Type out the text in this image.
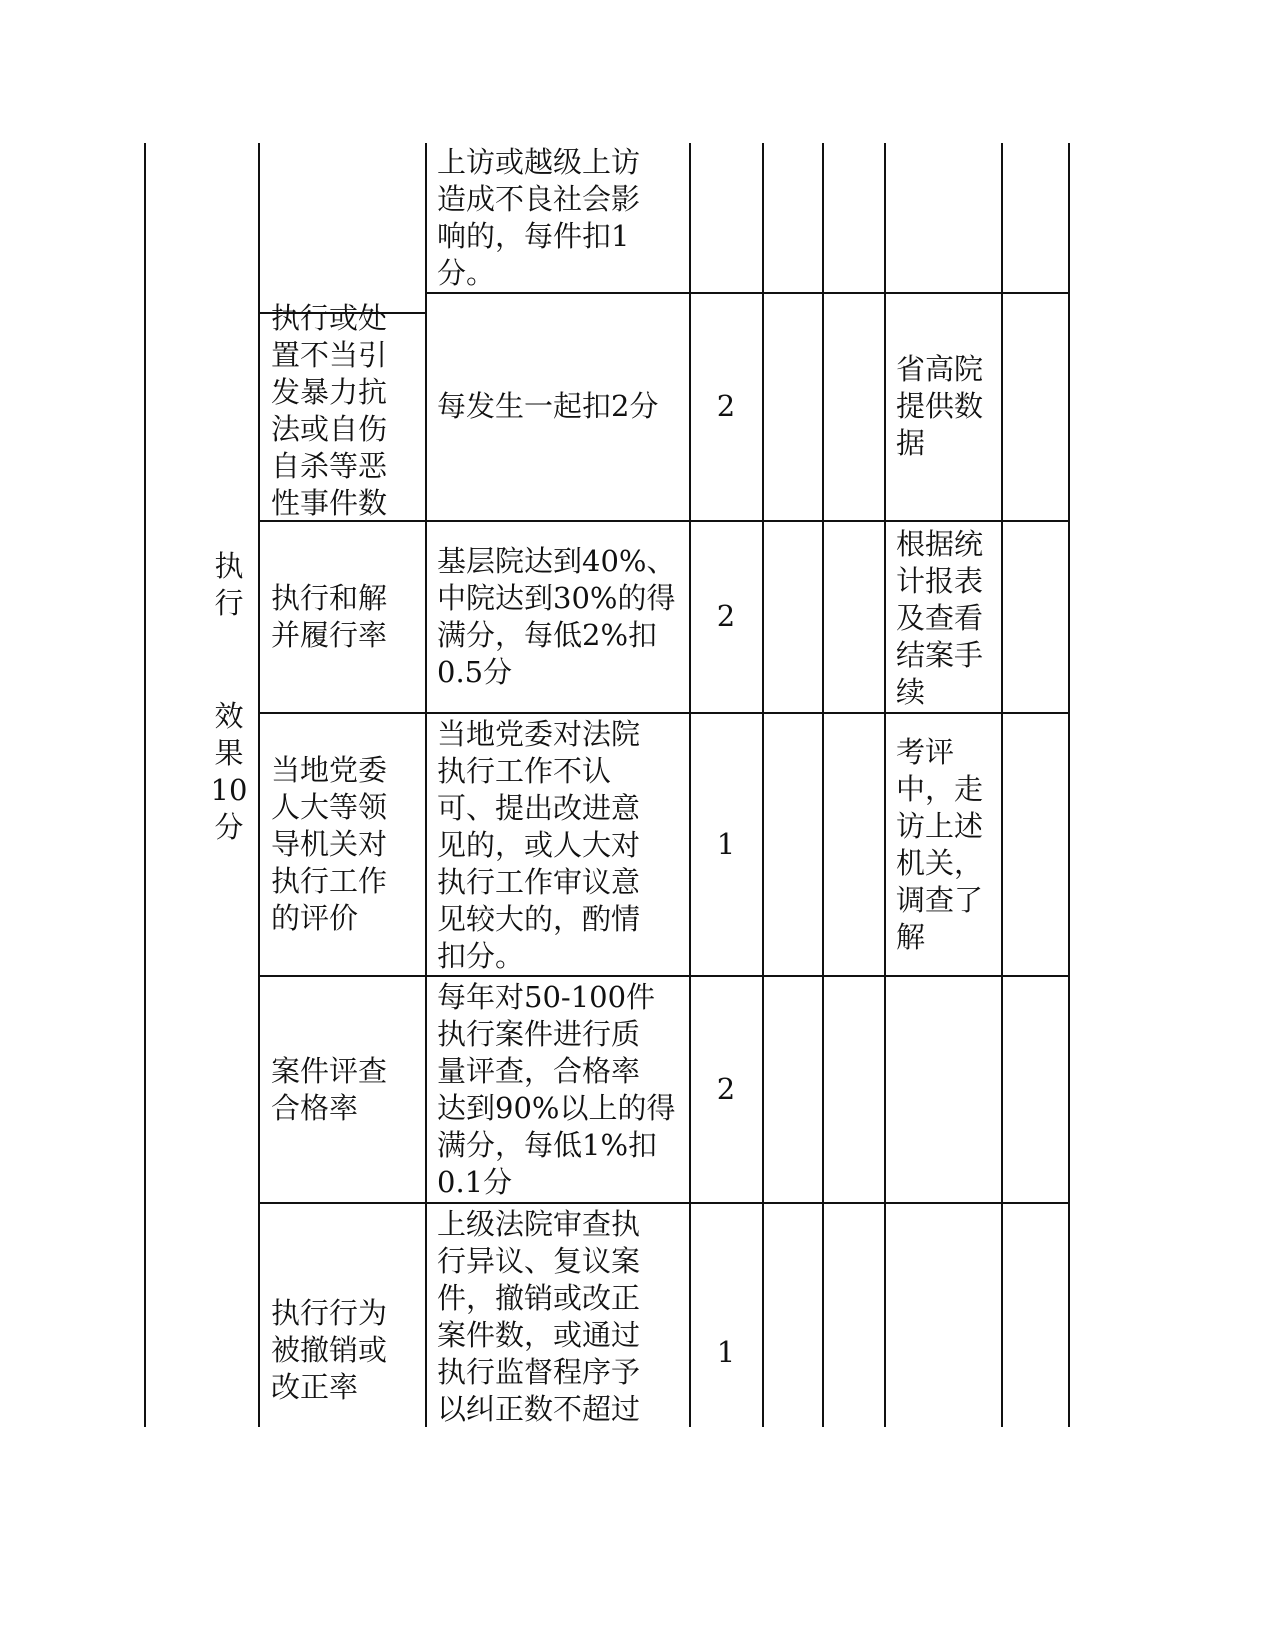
执
行
效
果
10
分
上访或越级上访
造成不良社会影
响的，每件扣1
分。
执行或处
置不当引
发暴力抗
法或自伤
自杀等恶
性事件数
每发生一起扣2分	2
省高院
提供数
据
执行和解
并履行率
基层院达到40%、
中院达到30%的得
满分，每低2%扣
0.5分
2
根据统
计报表
及查看
结案手
续
当地党委
人大等领
导机关对
执行工作
的评价
当地党委对法院
执行工作不认
可、提出改进意
见的，或人大对
执行工作审议意
见较大的，酌情
扣分。
1
考评
中，走
访上述
机关，
调查了
解
案件评查
合格率
每年对50-100件
执行案件进行质
量评查，合格率
达到90%以上的得
满分，每低1%扣
0.1分
2
执行行为
被撤销或
改正率
上级法院审查执
行异议、复议案
件，撤销或改正
案件数，或通过
执行监督程序予
以纠正数不超过
1
